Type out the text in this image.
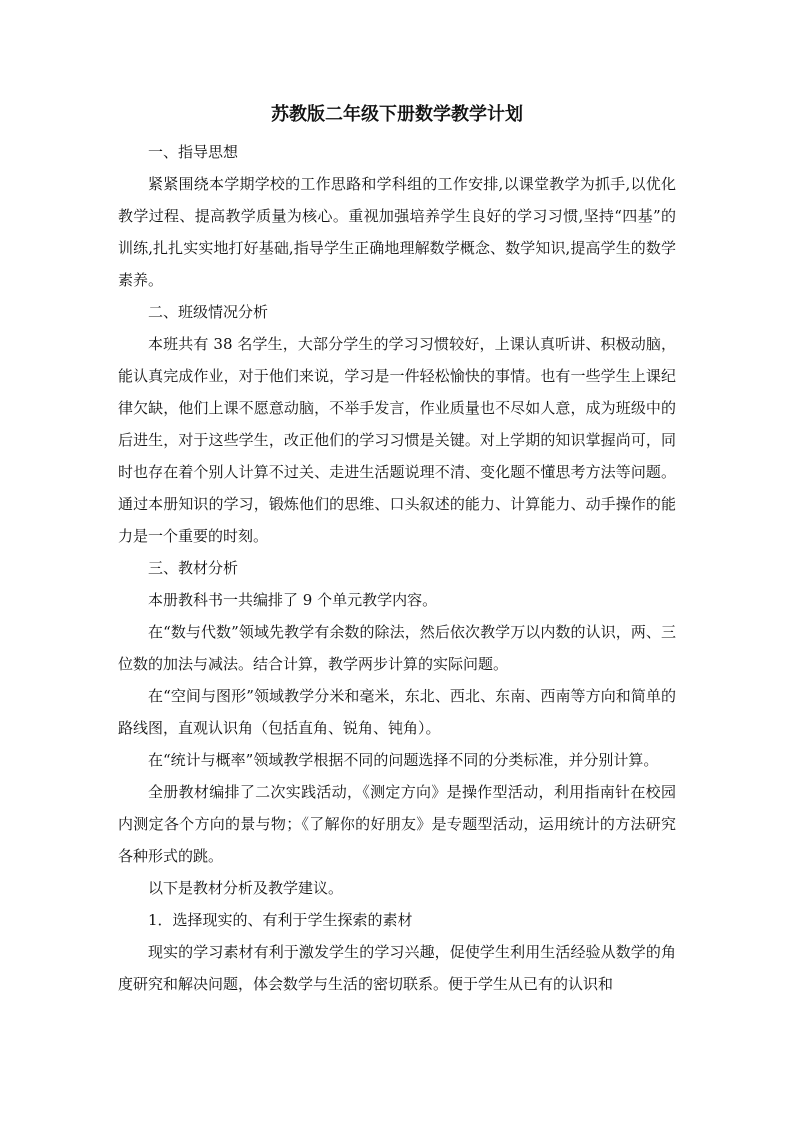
苏教版二年级下册数学教学计划

一、指导思想

紧紧围绕本学期学校的工作思路和学科组的工作安排,以课堂教学为抓手,以优化教学过程、提高教学质量为核心。重视加强培养学生良好的学习习惯,坚持“四基”的训练,扎扎实实地打好基础,指导学生正确地理解数学概念、数学知识,提高学生的数学素养。

二、班级情况分析

本班共有 38 名学生，大部分学生的学习习惯较好，上课认真听讲、积极动脑，能认真完成作业，对于他们来说，学习是一件轻松愉快的事情。也有一些学生上课纪律欠缺，他们上课不愿意动脑，不举手发言，作业质量也不尽如人意，成为班级中的后进生，对于这些学生，改正他们的学习习惯是关键。对上学期的知识掌握尚可，同时也存在着个别人计算不过关、走进生活题说理不清、变化题不懂思考方法等问题。通过本册知识的学习，锻炼他们的思维、口头叙述的能力、计算能力、动手操作的能力是一个重要的时刻。

三、教材分析

本册教科书一共编排了 9 个单元教学内容。

在“数与代数”领域先教学有余数的除法，然后依次教学万以内数的认识，两、三位数的加法与减法。结合计算，教学两步计算的实际问题。

在“空间与图形”领域教学分米和毫米，东北、西北、东南、西南等方向和简单的路线图，直观认识角（包括直角、锐角、钝角）。

在“统计与概率”领域教学根据不同的问题选择不同的分类标准，并分别计算。

全册教材编排了二次实践活动，《测定方向》是操作型活动，利用指南针在校园内测定各个方向的景与物；《了解你的好朋友》是专题型活动，运用统计的方法研究各种形式的跳。

以下是教材分析及教学建议。

1．选择现实的、有利于学生探索的素材

现实的学习素材有利于激发学生的学习兴趣，促使学生利用生活经验从数学的角度研究和解决问题，体会数学与生活的密切联系。便于学生从已有的认识和
